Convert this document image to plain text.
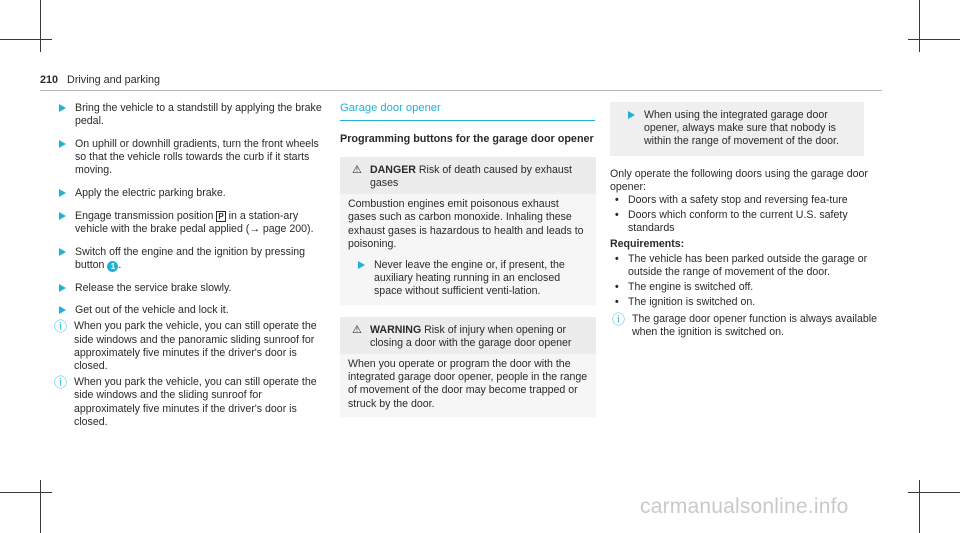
210 Driving and parking
Bring the vehicle to a standstill by applying the brake pedal.
On uphill or downhill gradients, turn the front wheels so that the vehicle rolls towards the curb if it starts moving.
Apply the electric parking brake.
Engage transmission position P in a station-ary vehicle with the brake pedal applied (→ page 200).
Switch off the engine and the ignition by pressing button 1 .
Release the service brake slowly.
Get out of the vehicle and lock it.
ⓘ When you park the vehicle, you can still operate the side windows and the panoramic sliding sunroof for approximately five minutes if the driver's door is closed.
ⓘ When you park the vehicle, you can still operate the side windows and the sliding sunroof for approximately five minutes if the driver's door is closed.
Garage door opener
Programming buttons for the garage door opener
⚠ DANGER Risk of death caused by exhaust gases
Combustion engines emit poisonous exhaust gases such as carbon monoxide. Inhaling these exhaust gases is hazardous to health and leads to poisoning.
Never leave the engine or, if present, the auxiliary heating running in an enclosed space without sufficient venti-lation.
⚠ WARNING Risk of injury when opening or closing a door with the garage door opener
When you operate or program the door with the integrated garage door opener, people in the range of movement of the door may become trapped or struck by the door.
When using the integrated garage door opener, always make sure that nobody is within the range of movement of the door.
Only operate the following doors using the garage door opener:
• Doors with a safety stop and reversing fea-ture
• Doors which conform to the current U.S. safety standards
Requirements:
• The vehicle has been parked outside the garage or outside the range of movement of the door.
• The engine is switched off.
• The ignition is switched on.
ⓘ The garage door opener function is always available when the ignition is switched on.
carmanualsonline.info
